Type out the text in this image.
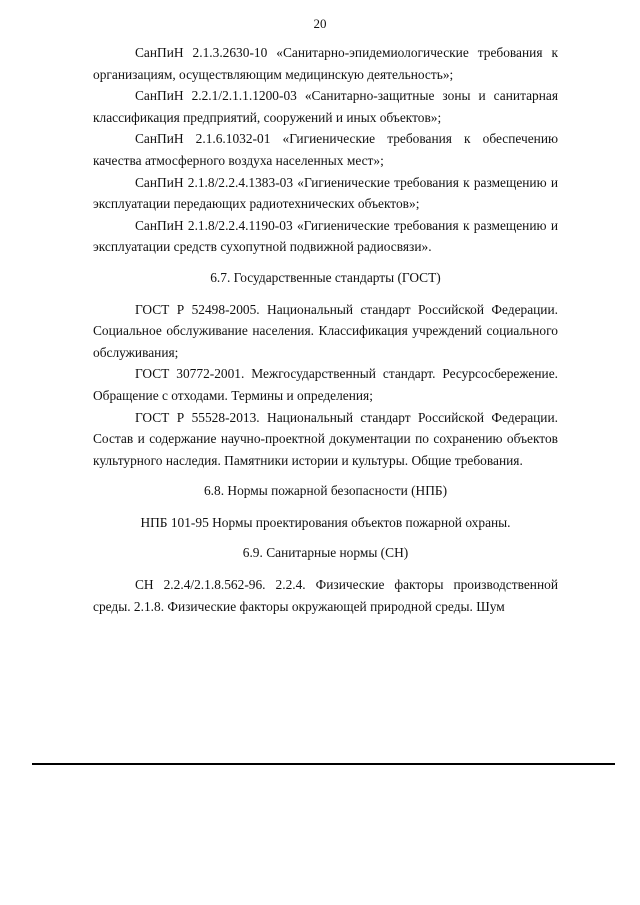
20

СанПиН 2.1.3.2630-10 «Санитарно-эпидемиологические требования к организациям, осуществляющим медицинскую деятельность»;

СанПиН 2.2.1/2.1.1.1200-03 «Санитарно-защитные зоны и санитарная классификация предприятий, сооружений и иных объектов»;

СанПиН 2.1.6.1032-01 «Гигиенические требования к обеспечению качества атмосферного воздуха населенных мест»;

СанПиН 2.1.8/2.2.4.1383-03 «Гигиенические требования к размещению и эксплуатации передающих радиотехнических объектов»;

СанПиН 2.1.8/2.2.4.1190-03 «Гигиенические требования к размещению и эксплуатации средств сухопутной подвижной радиосвязи».

6.7. Государственные стандарты (ГОСТ)

ГОСТ Р 52498-2005. Национальный стандарт Российской Федерации. Социальное обслуживание населения. Классификация учреждений социального обслуживания;

ГОСТ 30772-2001. Межгосударственный стандарт. Ресурсосбережение. Обращение с отходами. Термины и определения;

ГОСТ Р 55528-2013. Национальный стандарт Российской Федерации. Состав и содержание научно-проектной документации по сохранению объектов культурного наследия. Памятники истории и культуры. Общие требования.

6.8. Нормы пожарной безопасности (НПБ)

НПБ 101-95 Нормы проектирования объектов пожарной охраны.

6.9. Санитарные нормы (СН)

СН 2.2.4/2.1.8.562-96. 2.2.4. Физические факторы производственной среды. 2.1.8. Физические факторы окружающей природной среды. Шум
